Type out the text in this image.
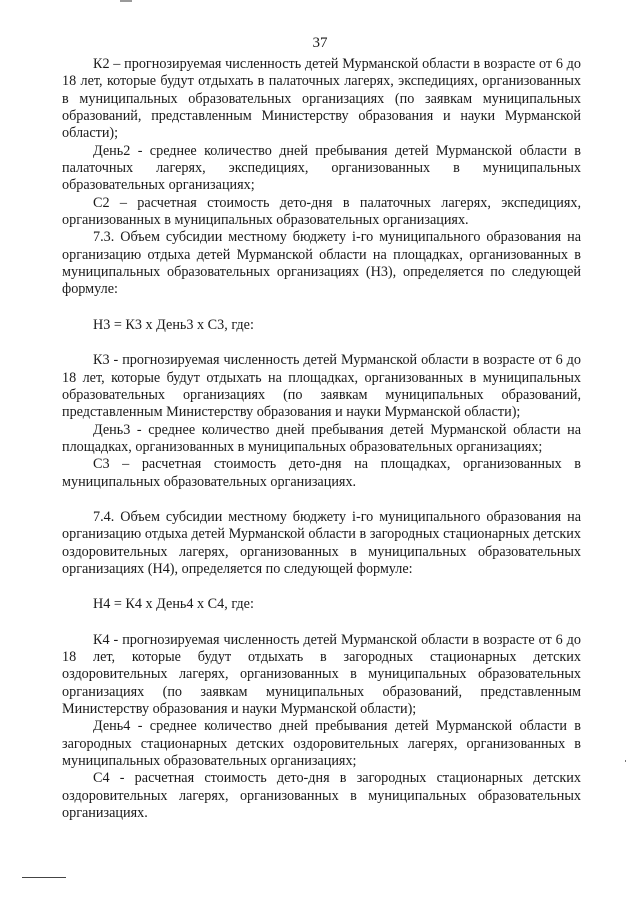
37

К2 – прогнозируемая численность детей Мурманской области в возрасте от 6 до 18 лет, которые будут отдыхать в палаточных лагерях, экспедициях, организованных в муниципальных образовательных организациях (по заявкам муниципальных образований, представленным Министерству образования и науки Мурманской области);

День2 - среднее количество дней пребывания детей Мурманской области в палаточных лагерях, экспедициях, организованных в муниципальных образовательных организациях;

С2 – расчетная стоимость дето-дня в палаточных лагерях, экспедициях, организованных в муниципальных образовательных организациях.

7.3. Объем субсидии местному бюджету i-го муниципального образования на организацию отдыха детей Мурманской области на площадках, организованных в муниципальных образовательных организациях (Н3), определяется по следующей формуле:

Н3 = К3 х День3 х С3, где:

К3 - прогнозируемая численность детей Мурманской области в возрасте от 6 до 18 лет, которые будут отдыхать на площадках, организованных в муниципальных образовательных организациях (по заявкам муниципальных образований, представленным Министерству образования и науки Мурманской области);

День3 - среднее количество дней пребывания детей Мурманской области на площадках, организованных в муниципальных образовательных организациях;

С3 – расчетная стоимость дето-дня на площадках, организованных в муниципальных образовательных организациях.

7.4. Объем субсидии местному бюджету i-го муниципального образования на организацию отдыха детей Мурманской области в загородных стационарных детских оздоровительных лагерях, организованных в муниципальных образовательных организациях (Н4), определяется по следующей формуле:

Н4 = К4 х День4 х С4, где:

К4 - прогнозируемая численность детей Мурманской области в возрасте от 6 до 18 лет, которые будут отдыхать в загородных стационарных детских оздоровительных лагерях, организованных в муниципальных образовательных организациях (по заявкам муниципальных образований, представленным Министерству образования и науки Мурманской области);

День4 - среднее количество дней пребывания детей Мурманской области в загородных стационарных детских оздоровительных лагерях, организованных в муниципальных образовательных организациях;

С4 - расчетная стоимость дето-дня в загородных стационарных детских оздоровительных лагерях, организованных в муниципальных образовательных организациях.
